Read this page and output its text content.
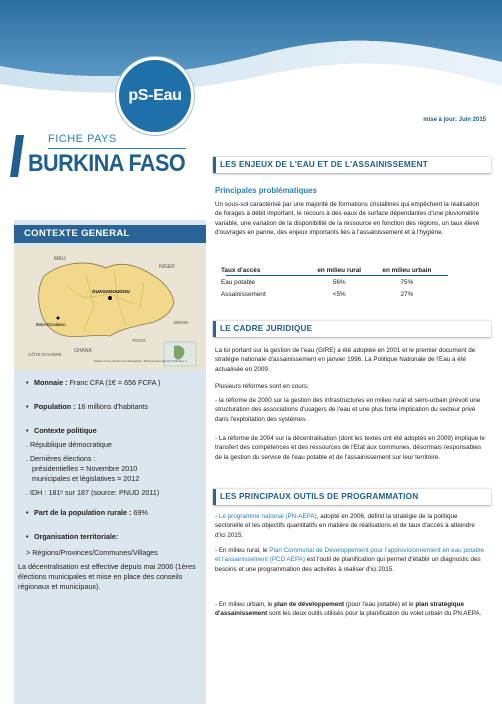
pS-Eau
mise à jour: Juin 2015
FICHE PAYS
BURKINA FASO
CONTEXTE GENERAL
MALI
NIGER
OUAGADOUGOU
Bobo-Dioulasso
CÔTE D'IVOIRE
GHANA
TOGO
BÉNIN
Nations Unies Section de cartographie / Burkina Faso Map No 4230 Rev. 3
• Monnaie : Franc CFA (1€ = 656 FCFA )
• Population : 16 millions d'habitants
• Contexte politique

. République démocratique

. Dernières élections :

présidentielles = Novembre 2010

municipales et législatives = 2012

. IDH : 181ᵉ sur 187 (source: PNUD 2011)

• Part de la population rurale : 69%
• Organisation territoriale:

> Régions/Provinces/Communes/Villages

La décentralisation est effective depuis mai 2006 (1ères élections municipales et mise en place des conseils régionaux et municipaux).

LES ENJEUX DE L'EAU ET DE L'ASSAINISSEMENT
Principales problématiques

Un sous-sol caractérisé par une majorité de formations cristallines qui empêchent la réalisation de forages à débit important, le recours à des eaux de surface dépendantes d'une pluviométrie variable, une variation de la disponibilité de la ressource en fonction des régions, un taux élevé d'ouvrages en panne, des enjeux importants liés à l'assainissement et à l'hygiène.

Taux d'accès	en milieu rural	en milieu urbain
Eau potable	56%	75%
Assainissement	<5%	27%
LE CADRE JURIDIQUE

La loi portant sur la gestion de l'eau (GIRE) a été adoptée en 2001 et le premier document de stratégie nationale d'assainissement en janvier 1996. La Politique Nationale de l'Eau a été actualisée en 2009.

Plusieurs réformes sont en cours:

- la réforme de 2000 sur la gestion des infrastructures en milieu rural et semi-urbain prévoit une structuration des associations d'usagers de l'eau et une plus forte implication du secteur privé dans l'exploitation des systèmes.

- La réforme de 2004 sur la décentralisation (dont les textes ont été adoptés en 2009) implique le transfert des compétences et des ressources de l'Etat aux communes, désormais responsables de la gestion du service de l'eau potable et de l'assainissement sur leur territoire.

LES PRINCIPAUX OUTILS DE PROGRAMMATION

- Le programme national (PN-AEPA), adopté en 2006, définit la stratégie de la politique sectorielle et les objectifs quantitatifs en matière de réalisations et de taux d'accès à atteindre d'ici 2015.

- En milieu rural, le Plan Communal de Développement pour l'approvisionnement en eau potable et l'assainissement (PCD AEPA) est l'outil de planification qui permet d'établir un diagnostic des besoins et une programmation des activités à réaliser d'ici 2015.

- En milieu urbain, le plan de développement (pour l'eau potable) et le plan stratégique d'assainissement sont les deux outils utilisés pour la planification du volet urbain du PN AEPA.
